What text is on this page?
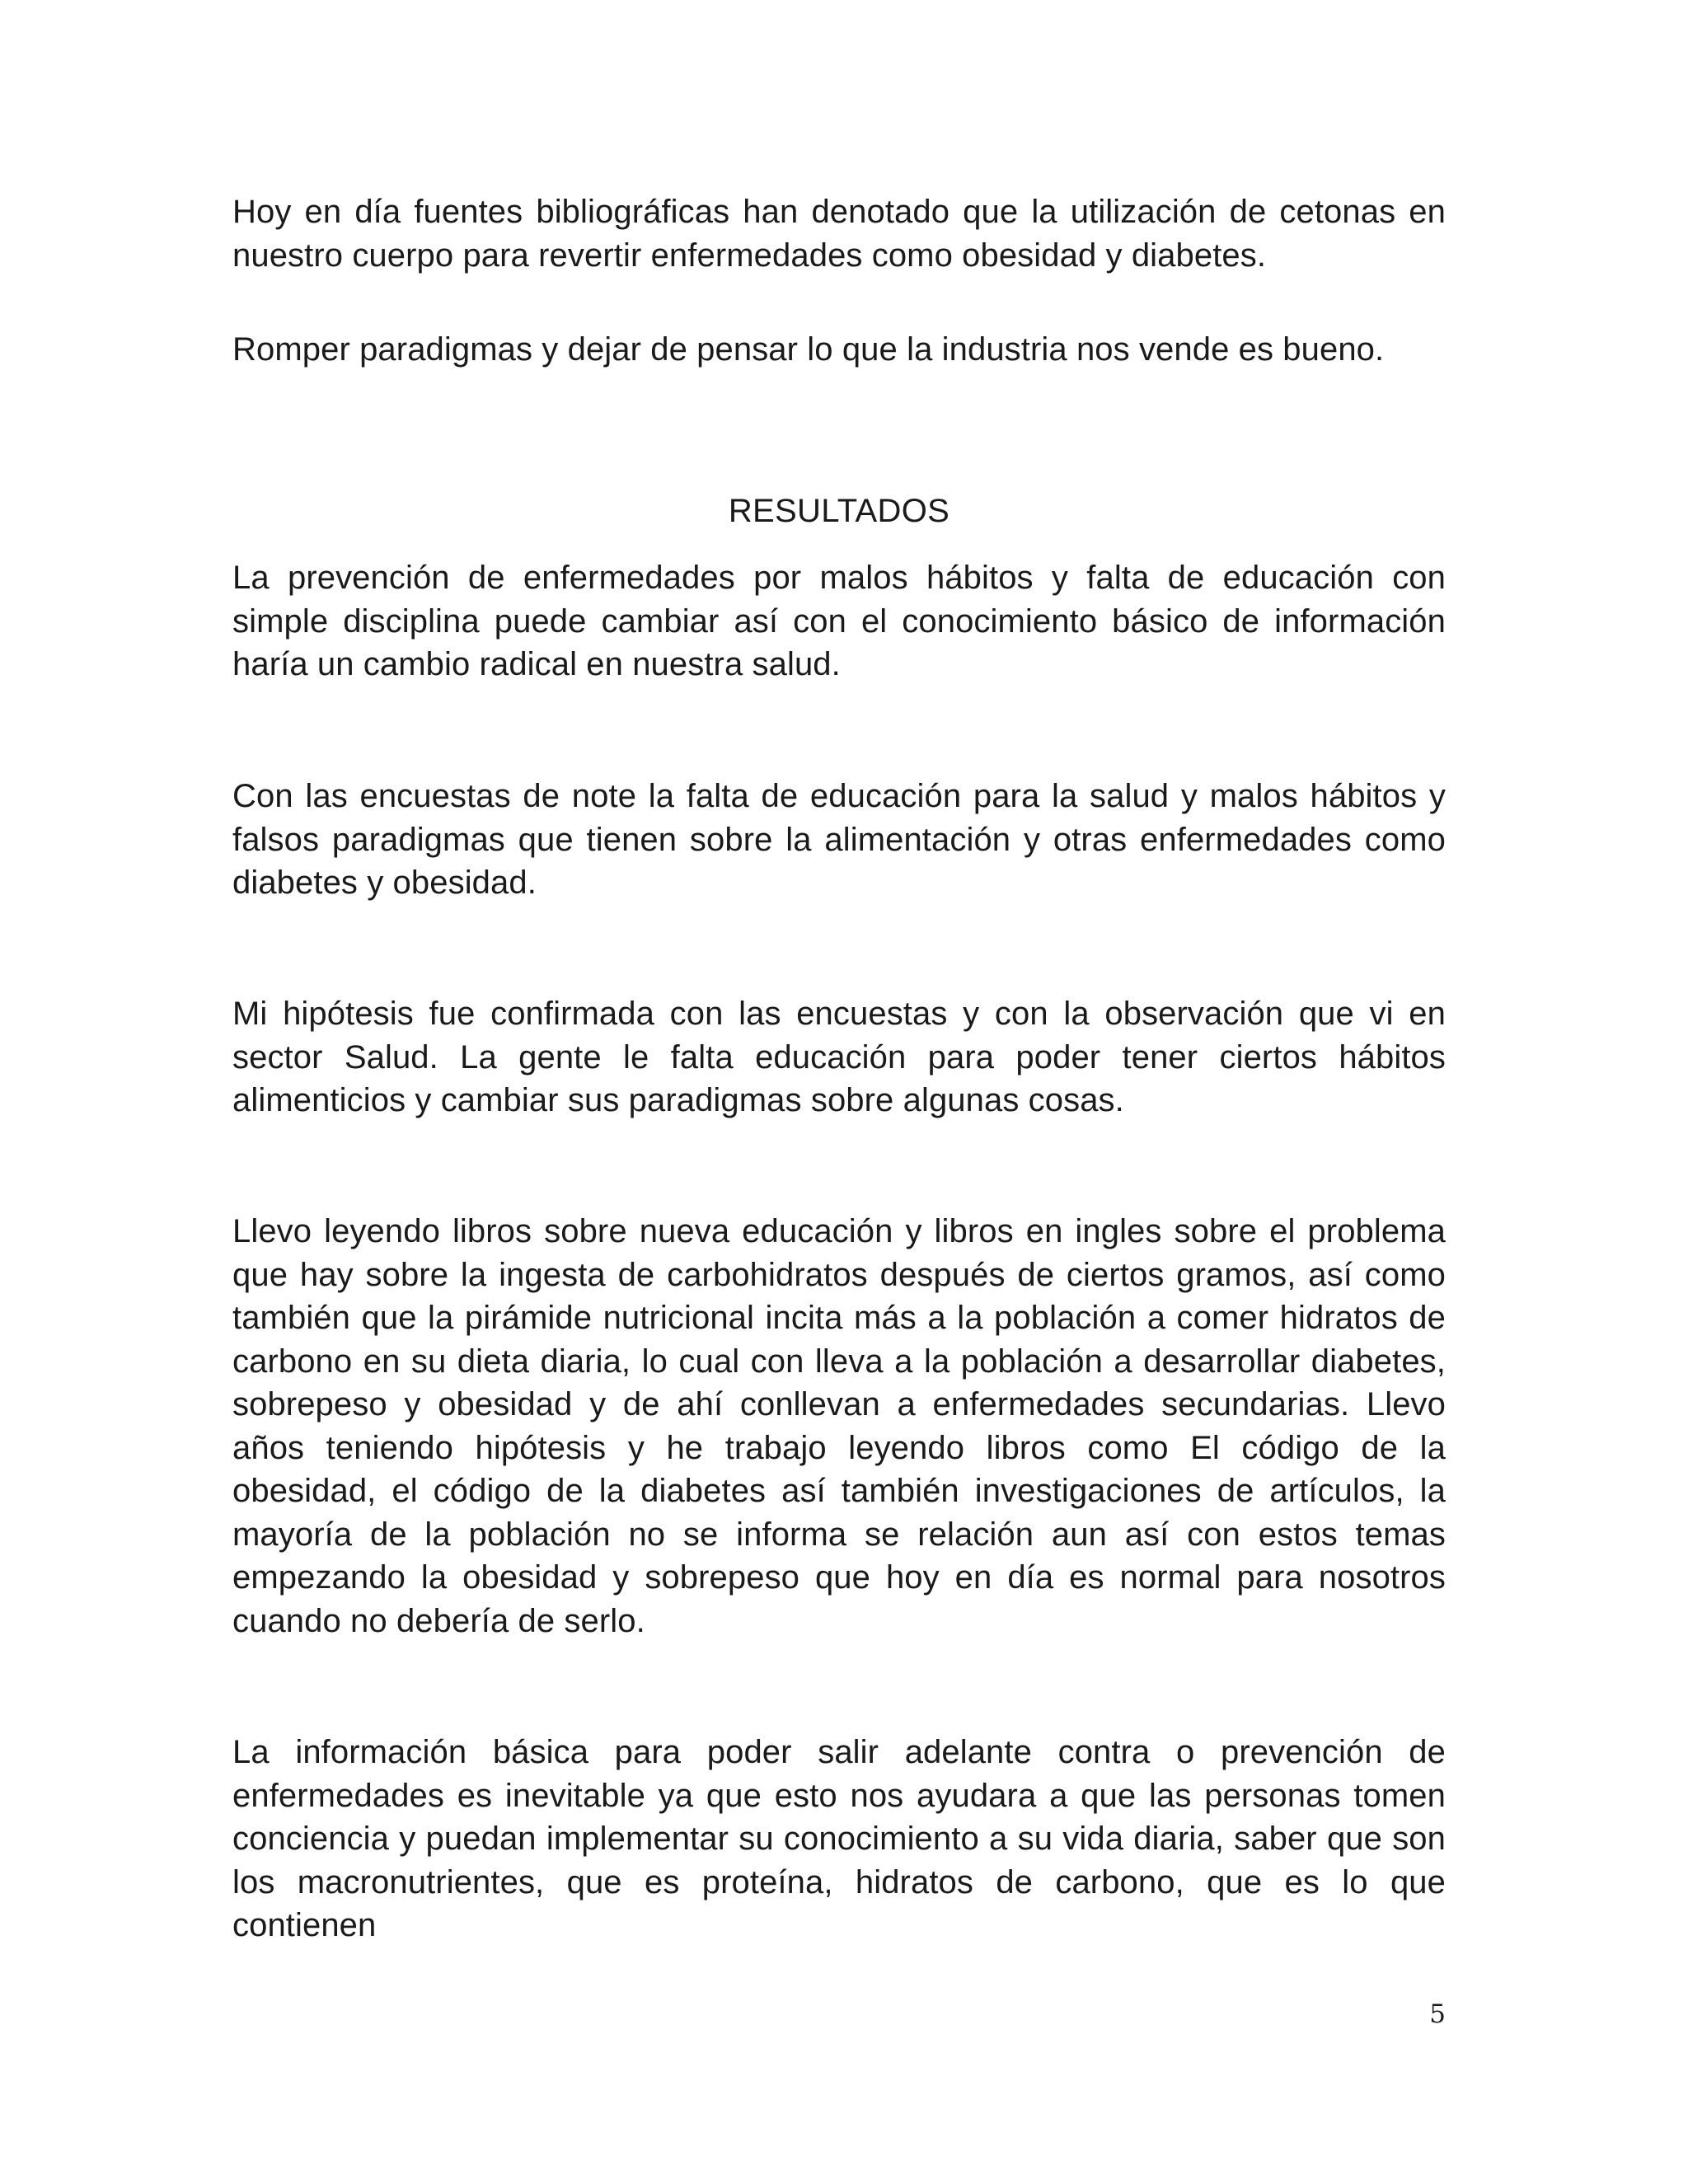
Hoy en día fuentes bibliográficas han denotado que la utilización de cetonas en nuestro cuerpo para revertir enfermedades como obesidad y diabetes.

Romper paradigmas y dejar de pensar lo que la industria nos vende es bueno.

RESULTADOS

La prevención de enfermedades por malos hábitos y falta de educación con simple disciplina puede cambiar así con el conocimiento básico de información haría un cambio radical en nuestra salud.

Con las encuestas de note la falta de educación para la salud y malos hábitos y falsos paradigmas que tienen sobre la alimentación y otras enfermedades como diabetes y obesidad.

Mi hipótesis fue confirmada con las encuestas y con la observación que vi en sector Salud. La gente le falta educación para poder tener ciertos hábitos alimenticios y cambiar sus paradigmas sobre algunas cosas.

Llevo leyendo libros sobre nueva educación y libros en ingles sobre el problema que hay sobre la ingesta de carbohidratos después de ciertos gramos, así como también que la pirámide nutricional incita más a la población a comer hidratos de carbono en su dieta diaria, lo cual con lleva a la población a desarrollar diabetes, sobrepeso y obesidad y de ahí conllevan a enfermedades secundarias. Llevo años teniendo hipótesis y he trabajo leyendo libros como El código de la obesidad, el código de la diabetes así también investigaciones de artículos, la mayoría de la población no se informa se relación aun así con estos temas empezando la obesidad y sobrepeso que hoy en día es normal para nosotros cuando no debería de serlo.

La información básica para poder salir adelante contra o prevención de enfermedades es inevitable ya que esto nos ayudara a que las personas tomen conciencia y puedan implementar su conocimiento a su vida diaria, saber que son los macronutrientes, que es proteína, hidratos de carbono, que es lo que contienen

5
